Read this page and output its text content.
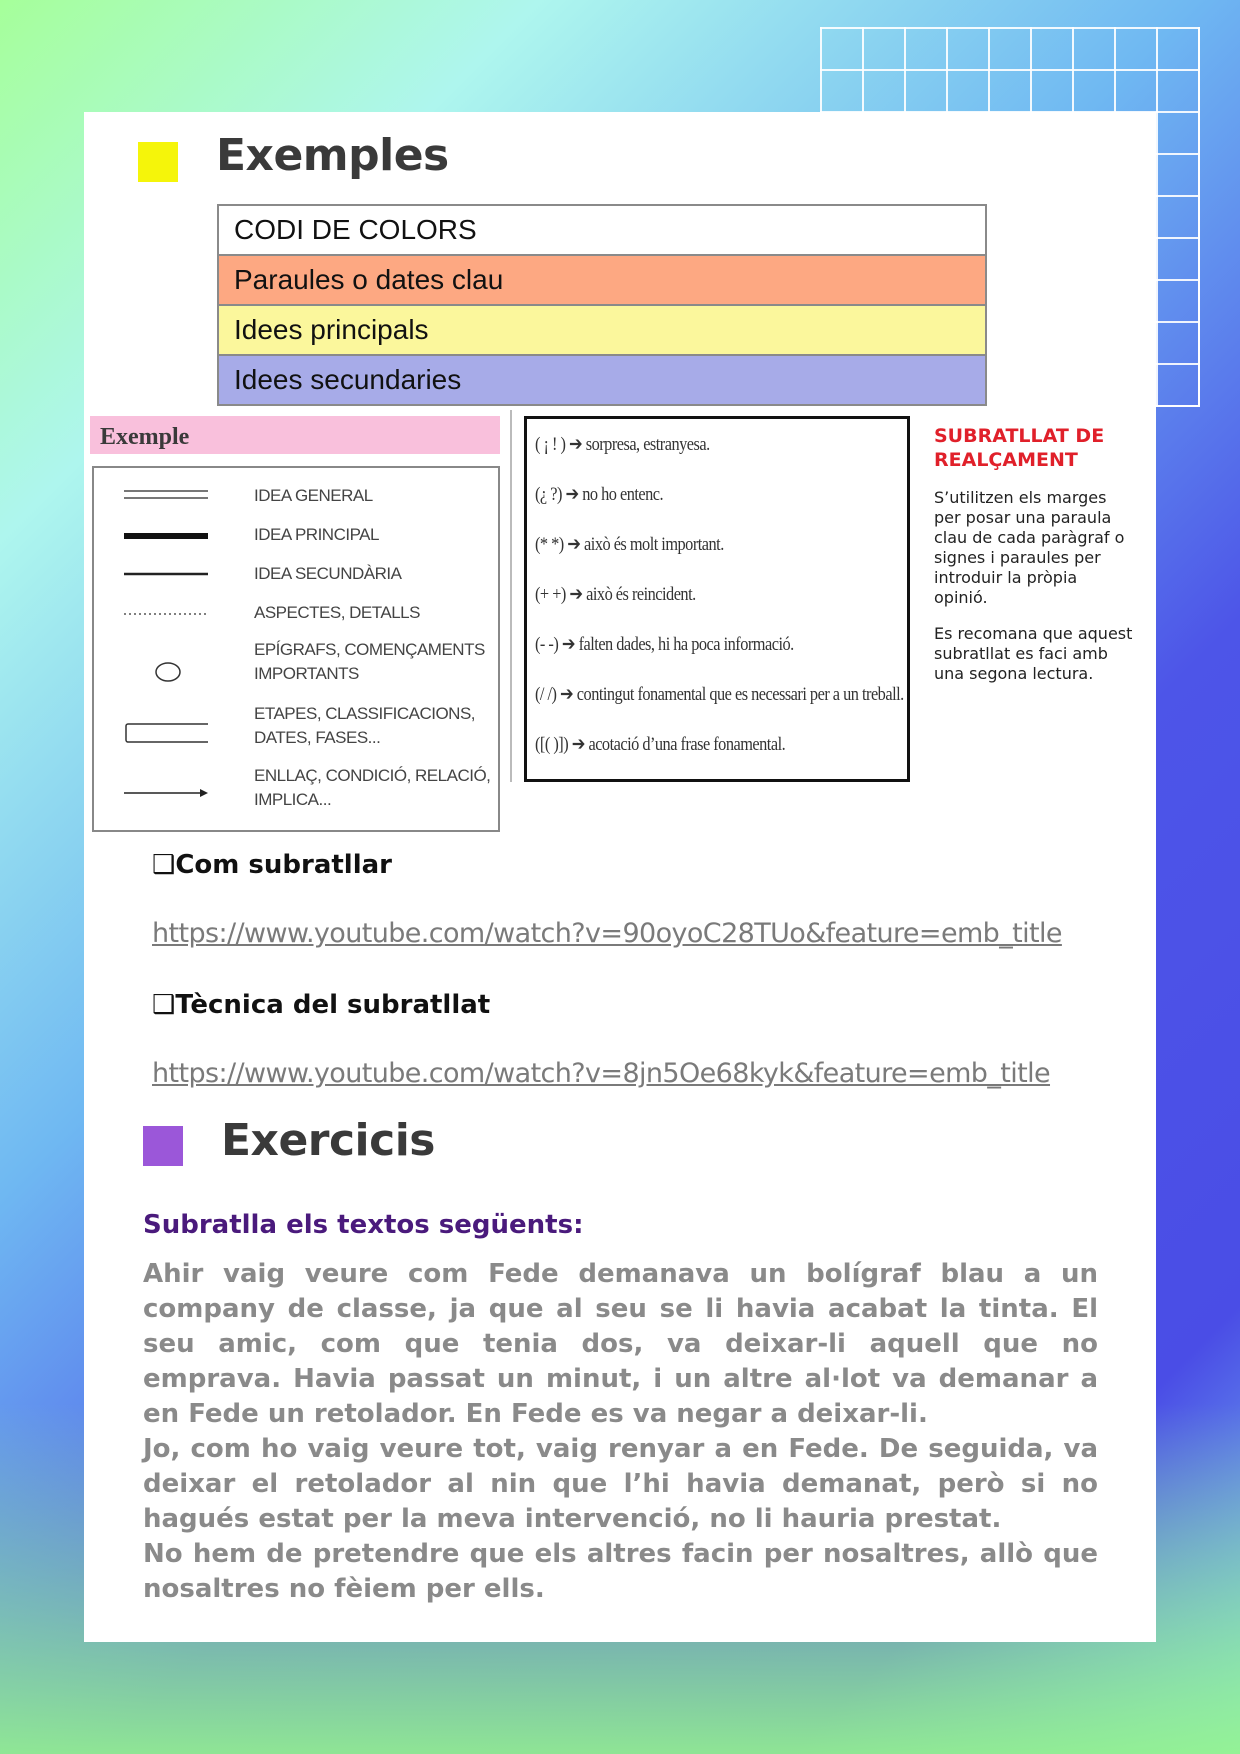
Exemples
CODI DE COLORS
Paraules o dates clau
Idees principals
Idees secundaries
Exemple
IDEA GENERAL
IDEA PRINCIPAL
IDEA SECUNDÀRIA
ASPECTES, DETALLS
EPÍGRAFS, COMENÇAMENTS IMPORTANTS
ETAPES, CLASSIFICACIONS, DATES, FASES...
ENLLAÇ, CONDICIÓ, RELACIÓ, IMPLICA...
( ¡ ! ) ➔ sorpresa, estranyesa.
(¿ ?) ➔ no ho entenc.
(* *) ➔ això és molt important.
(+ +) ➔ això és reincident.
(- -) ➔ falten dades, hi ha poca informació.
(/ /) ➔ contingut fonamental que es necessari per a un treball.
([( )]) ➔ acotació d’una frase fonamental.
SUBRATLLAT DE REALÇAMENT
S’utilitzen els marges per posar una paraula clau de cada paràgraf o signes i paraules per introduir la pròpia opinió.
Es recomana que aquest subratllat es faci amb una segona lectura.
❑Com subratllar
https://www.youtube.com/watch?v=90oyoC28TUo&feature=emb_title
❑Tècnica del subratllat
https://www.youtube.com/watch?v=8jn5Oe68kyk&feature=emb_title
Exercicis
Subratlla els textos següents:

Ahir vaig veure com Fede demanava un bolígraf blau a un company de classe, ja que al seu se li havia acabat la tinta. El seu amic, com que tenia dos, va deixar-li aquell que no emprava. Havia passat un minut, i un altre al·lot va demanar a en Fede un retolador. En Fede es va negar a deixar-li.

Jo, com ho vaig veure tot, vaig renyar a en Fede. De seguida, va deixar el retolador al nin que l’hi havia demanat, però si no hagués estat per la meva intervenció, no li hauria prestat.

No hem de pretendre que els altres facin per nosaltres, allò que nosaltres no fèiem per ells.
